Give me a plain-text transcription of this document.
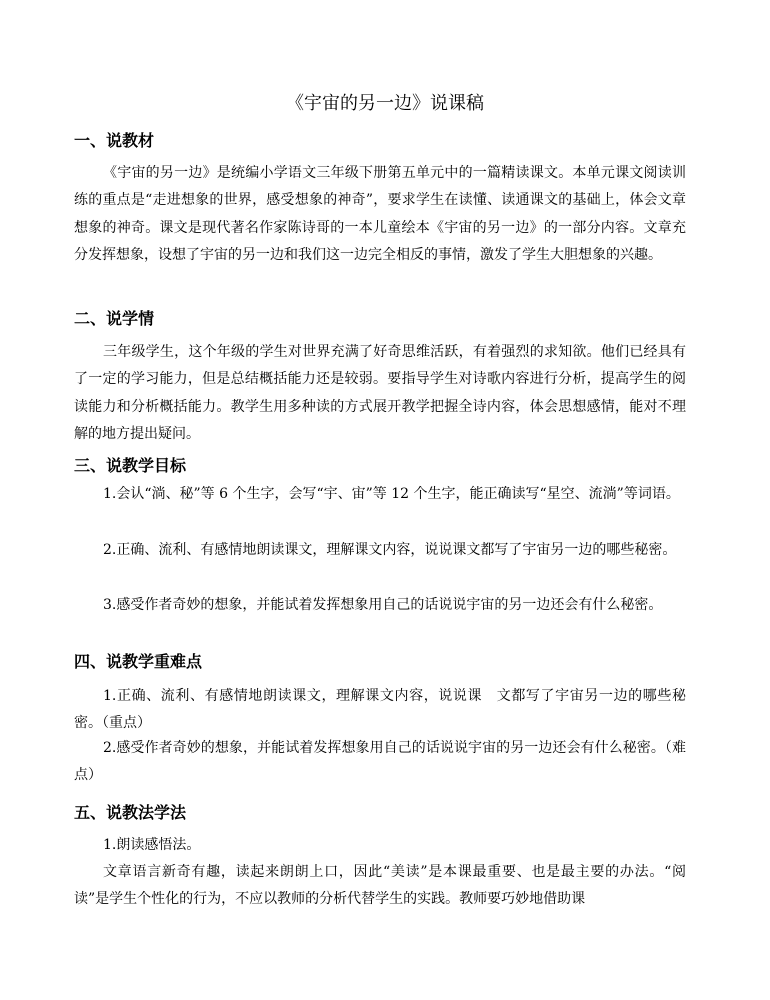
《宇宙的另一边》说课稿
一、说教材

《宇宙的另一边》是统编小学语文三年级下册第五单元中的一篇精读课文。本单元课文阅读训练的重点是“走进想象的世界，感受想象的神奇”，要求学生在读懂、读通课文的基础上，体会文章想象的神奇。课文是现代著名作家陈诗哥的一本儿童绘本《宇宙的另一边》的一部分内容。文章充分发挥想象，设想了宇宙的另一边和我们这一边完全相反的事情，激发了学生大胆想象的兴趣。

二、说学情

三年级学生，这个年级的学生对世界充满了好奇思维活跃，有着强烈的求知欲。他们已经具有了一定的学习能力，但是总结概括能力还是较弱。要指导学生对诗歌内容进行分析，提高学生的阅读能力和分析概括能力。教学生用多种读的方式展开教学把握全诗内容，体会思想感情，能对不理解的地方提出疑问。

三、说教学目标

1.会认“淌、秘”等 6 个生字，会写“宇、宙”等 12 个生字，能正确读写“星空、流淌”等词语。

2.正确、流利、有感情地朗读课文，理解课文内容，说说课文都写了宇宙另一边的哪些秘密。

3.感受作者奇妙的想象，并能试着发挥想象用自己的话说说宇宙的另一边还会有什么秘密。

四、说教学重难点

1.正确、流利、有感情地朗读课文，理解课文内容，说说课　文都写了宇宙另一边的哪些秘密。（重点）

2.感受作者奇妙的想象，并能试着发挥想象用自己的话说说宇宙的另一边还会有什么秘密。（难点）

五、说教法学法

1.朗读感悟法。

文章语言新奇有趣，读起来朗朗上口，因此“美读”是本课最重要、也是最主要的办法。“阅读”是学生个性化的行为，不应以教师的分析代替学生的实践。教师要巧妙地借助课
